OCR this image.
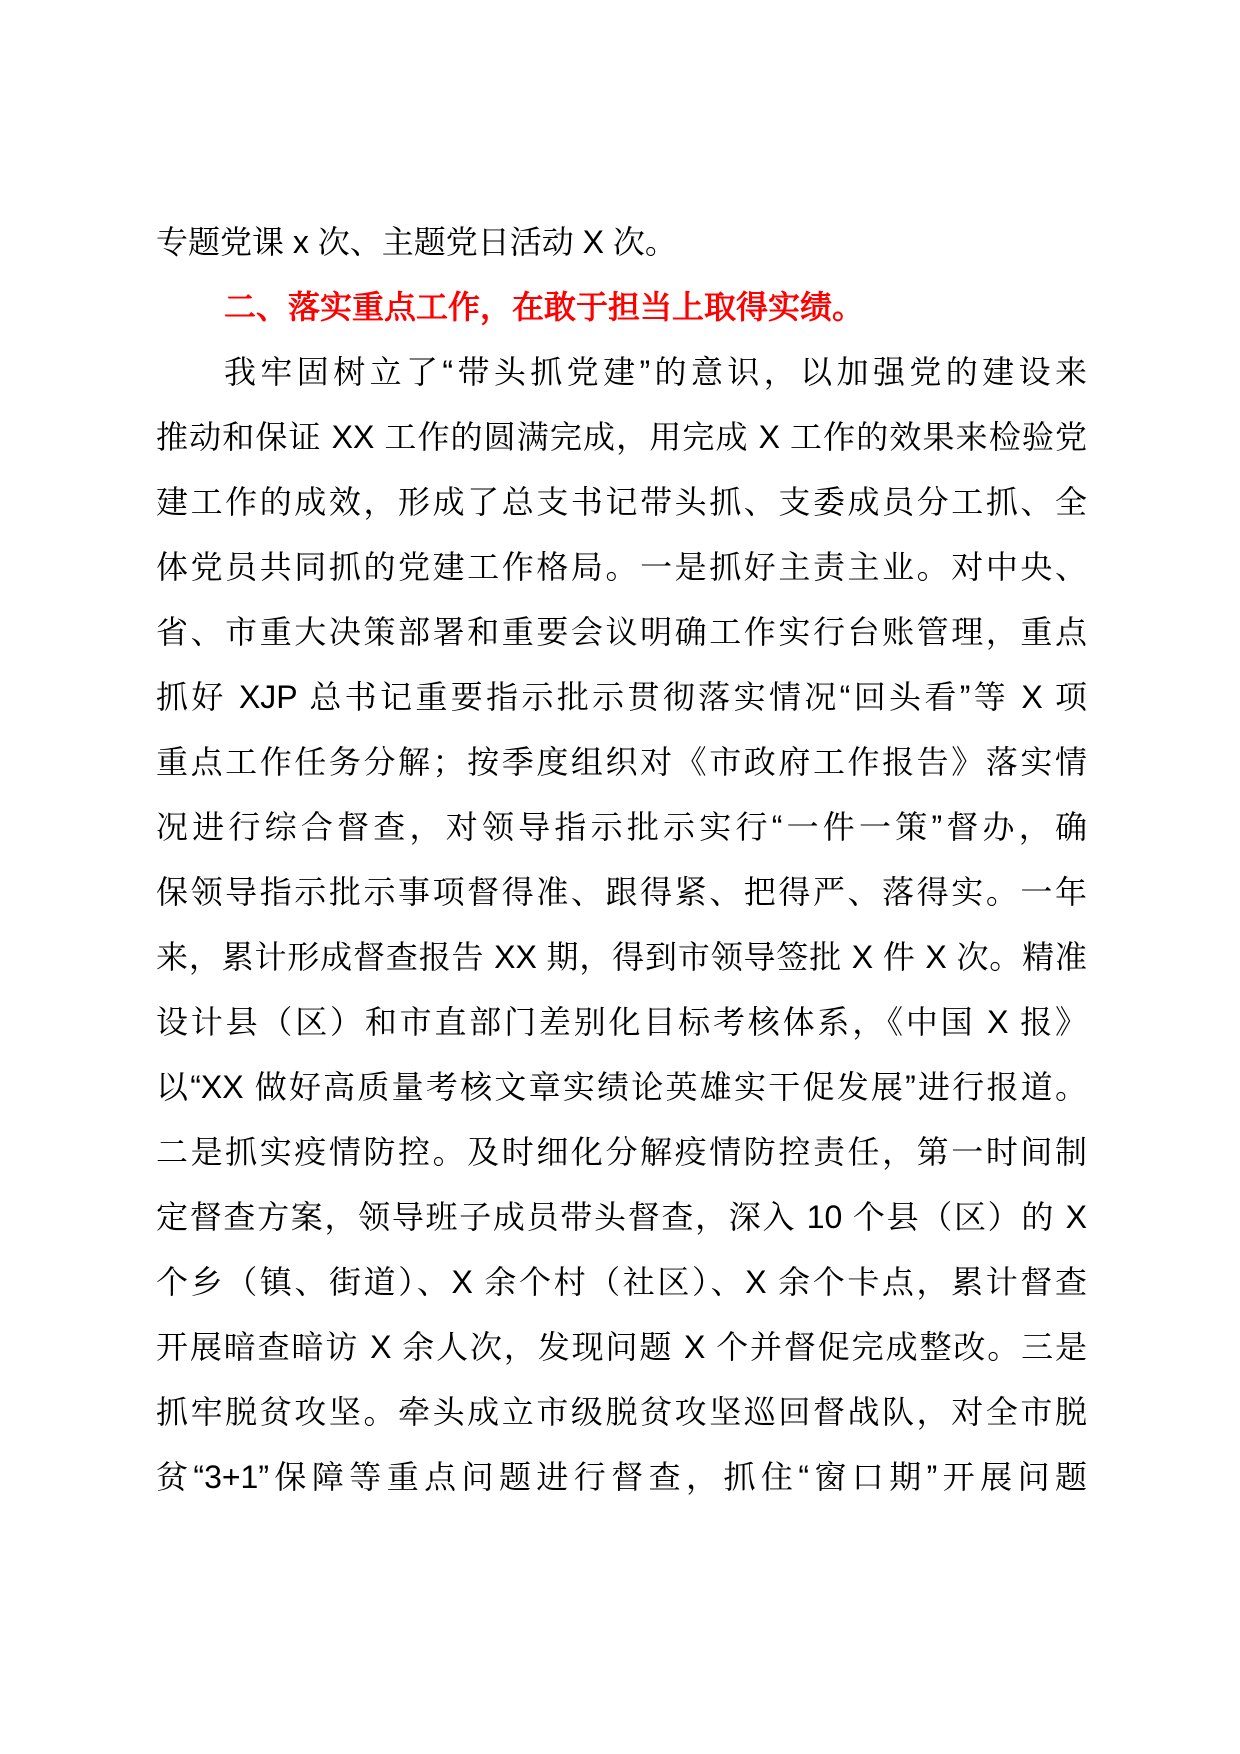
专题党课 x 次、主题党日活动 X 次。
二、落实重点工作，在敢于担当上取得实绩。
我牢固树立了“带头抓党建”的意识，以加强党的建设来
推动和保证 XX 工作的圆满完成，用完成 X 工作的效果来检验党
建工作的成效，形成了总支书记带头抓、支委成员分工抓、全
体党员共同抓的党建工作格局。一是抓好主责主业。对中央、
省、市重大决策部署和重要会议明确工作实行台账管理，重点
抓好 XJP 总书记重要指示批示贯彻落实情况“回头看”等 X 项
重点工作任务分解；按季度组织对《市政府工作报告》落实情
况进行综合督查，对领导指示批示实行“一件一策”督办，确
保领导指示批示事项督得准、跟得紧、把得严、落得实。一年
来，累计形成督查报告 XX 期，得到市领导签批 X 件 X 次。精准
设计县（区）和市直部门差别化目标考核体系，《中国 X 报》
以“XX 做好高质量考核文章实绩论英雄实干促发展”进行报道。
二是抓实疫情防控。及时细化分解疫情防控责任，第一时间制
定督查方案，领导班子成员带头督查，深入 10 个县（区）的 X
个乡（镇、街道）、X 余个村（社区）、X 余个卡点，累计督查
开展暗查暗访 X 余人次，发现问题 X 个并督促完成整改。三是
抓牢脱贫攻坚。牵头成立市级脱贫攻坚巡回督战队，对全市脱
贫“3+1”保障等重点问题进行督查，抓住“窗口期”开展问题
